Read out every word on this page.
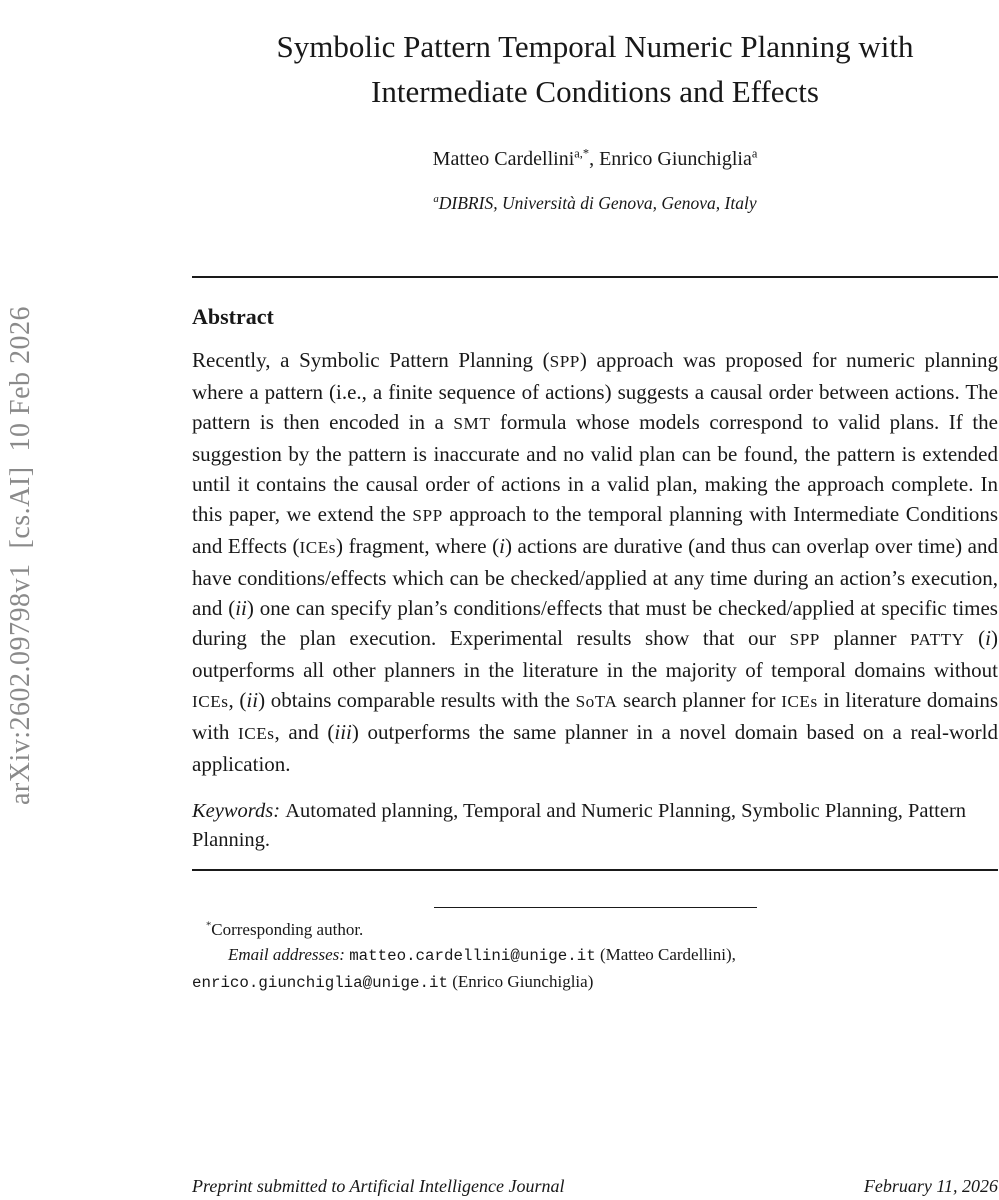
arXiv:2602.09798v1  [cs.AI]  10 Feb 2026
Symbolic Pattern Temporal Numeric Planning with
Intermediate Conditions and Effects
Matteo Cardellini$^{a,*}$, Enrico Giunchiglia$^a$
$^a$DIBRIS, Università di Genova, Genova, Italy
Abstract
Recently, a Symbolic Pattern Planning (SPP) approach was proposed for numeric planning where a pattern (i.e., a finite sequence of actions) suggests a causal order between actions. The pattern is then encoded in a SMT formula whose models correspond to valid plans. If the suggestion by the pattern is inaccurate and no valid plan can be found, the pattern is extended until it contains the causal order of actions in a valid plan, making the approach complete. In this paper, we extend the SPP approach to the temporal planning with Intermediate Conditions and Effects (ICEs) fragment, where (i) actions are durative (and thus can overlap over time) and have conditions/effects which can be checked/applied at any time during an action’s execution, and (ii) one can specify plan’s conditions/effects that must be checked/applied at specific times during the plan execution. Experimental results show that our SPP planner PATTY (i) outperforms all other planners in the literature in the majority of temporal domains without ICEs, (ii) obtains comparable results with the SoTA search planner for ICEs in literature domains with ICEs, and (iii) outperforms the same planner in a novel domain based on a real-world application.
Keywords: Automated planning, Temporal and Numeric Planning, Symbolic Planning, Pattern Planning.
*Corresponding author.
Email addresses: matteo.cardellini@unige.it (Matteo Cardellini),
enrico.giunchiglia@unige.it (Enrico Giunchiglia)
Preprint submitted to Artificial Intelligence Journal	February 11, 2026
